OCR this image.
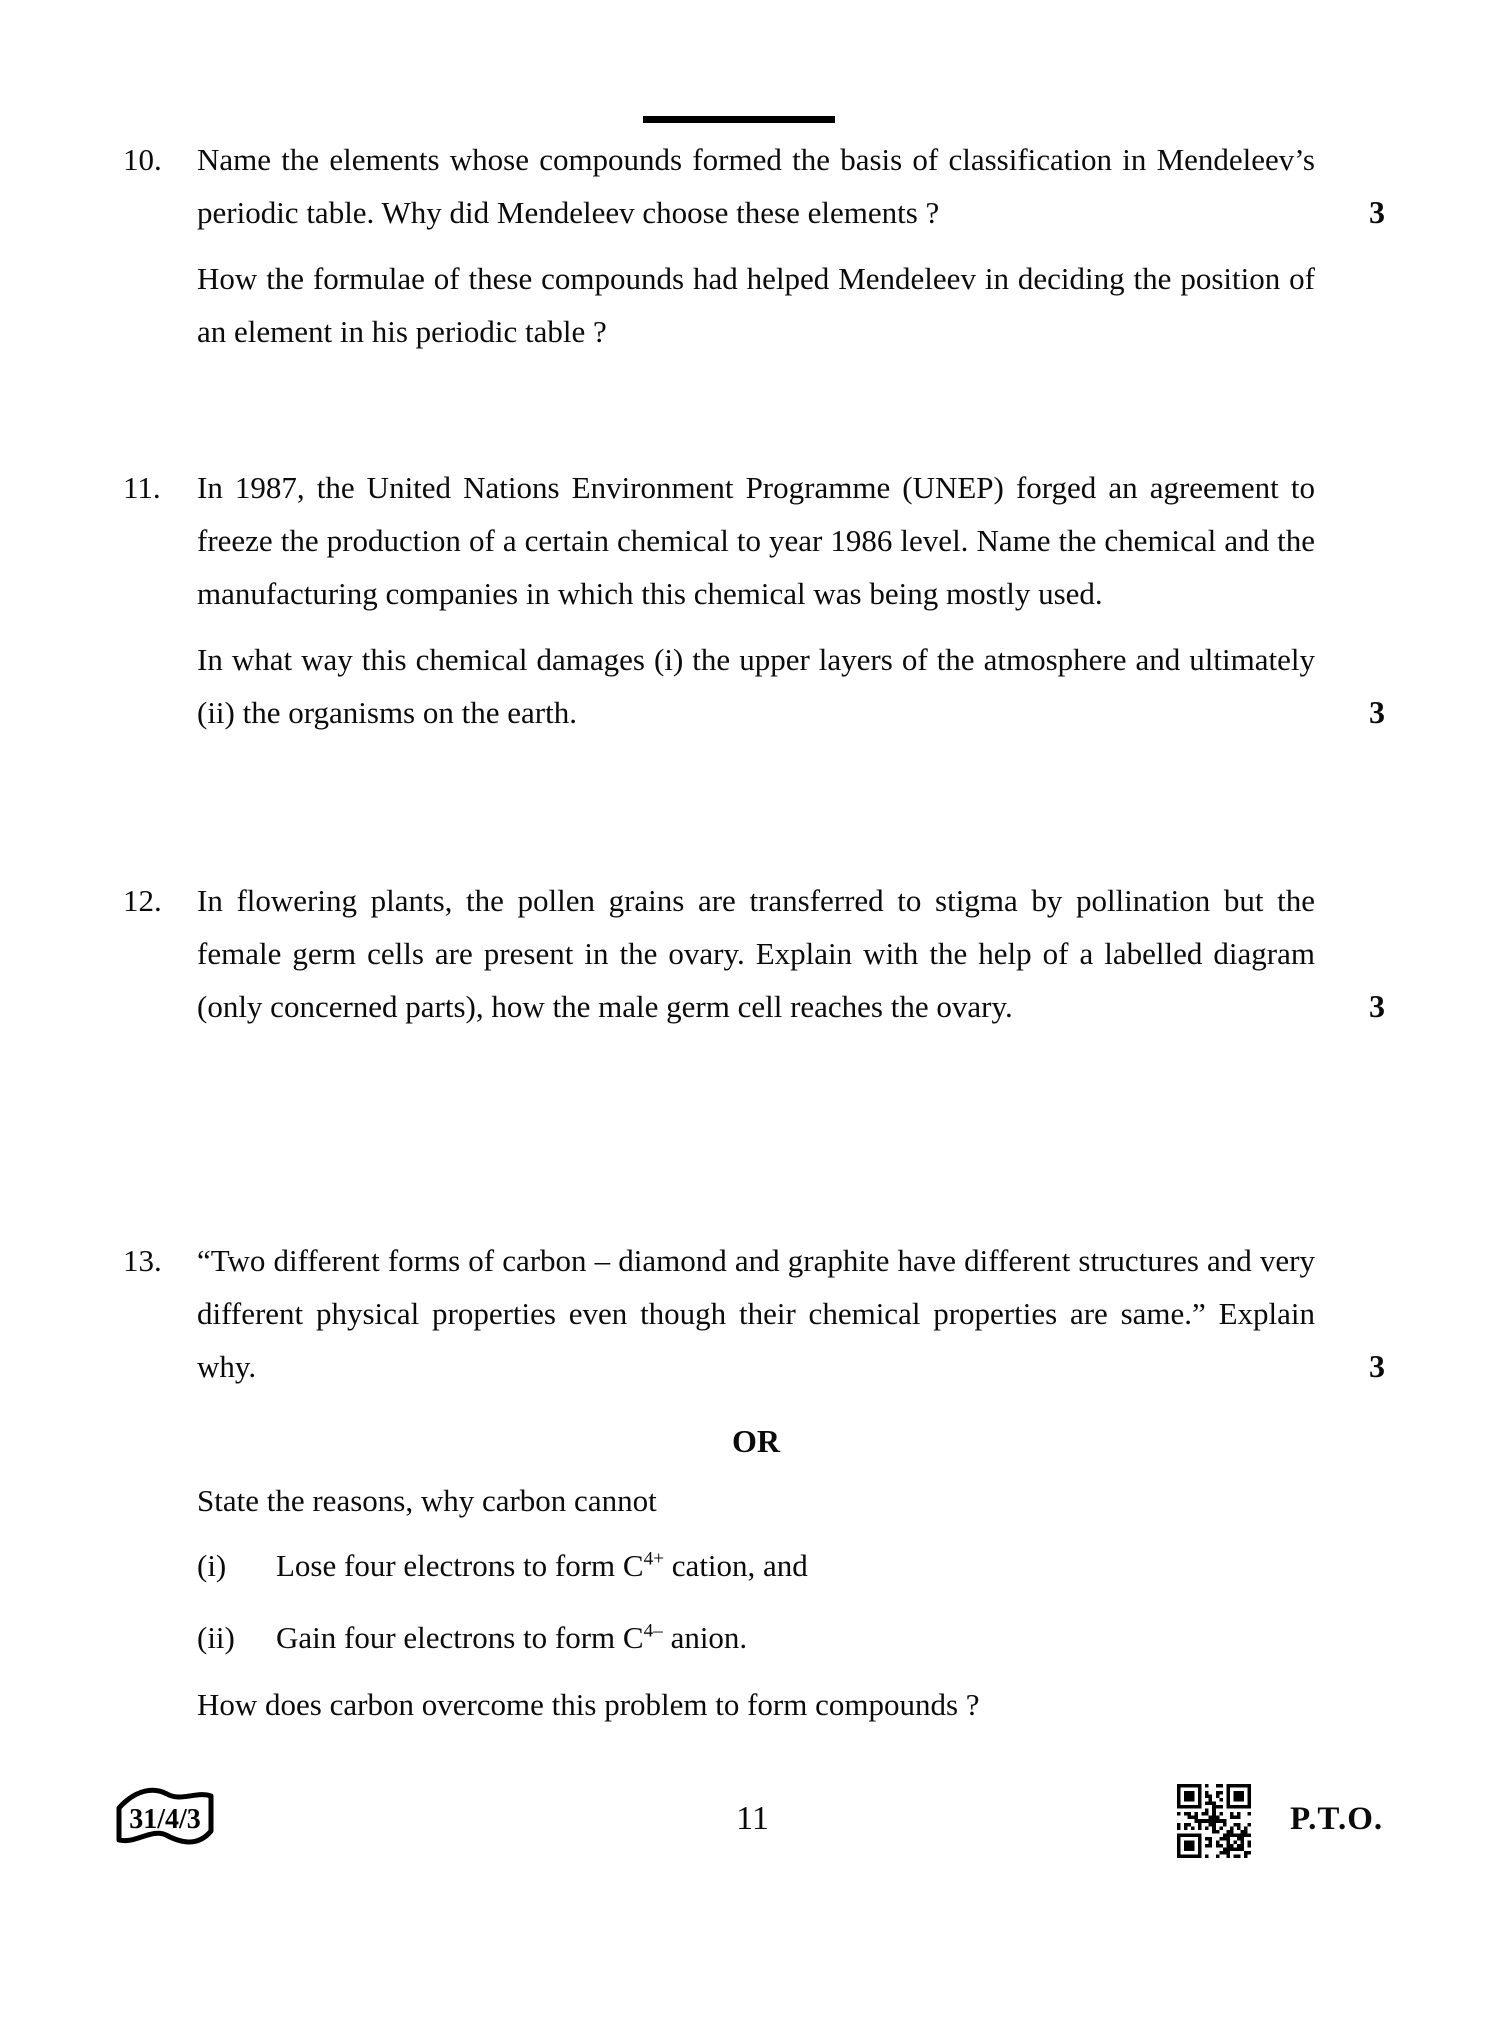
10.	Name the elements whose compounds formed the basis of classification in Mendeleev’s periodic table. Why did Mendeleev choose these elements ?	3
How the formulae of these compounds had helped Mendeleev in deciding the position of an element in his periodic table ?
11.	In 1987, the United Nations Environment Programme (UNEP) forged an agreement to freeze the production of a certain chemical to year 1986 level. Name the chemical and the manufacturing companies in which this chemical was being mostly used.
In what way this chemical damages (i) the upper layers of the atmosphere and ultimately (ii) the organisms on the earth.	3
12.	In flowering plants, the pollen grains are transferred to stigma by pollination but the female germ cells are present in the ovary. Explain with the help of a labelled diagram (only concerned parts), how the male germ cell reaches the ovary.	3
13.	“Two different forms of carbon – diamond and graphite have different structures and very different physical properties even though their chemical properties are same.” Explain why.	3
OR
State the reasons, why carbon cannot
(i)	Lose four electrons to form $C^{4+}$ cation, and
(ii)	Gain four electrons to form $C^{4-}$ anion.
How does carbon overcome this problem to form compounds ?
31/4/3	11	P.T.O.
